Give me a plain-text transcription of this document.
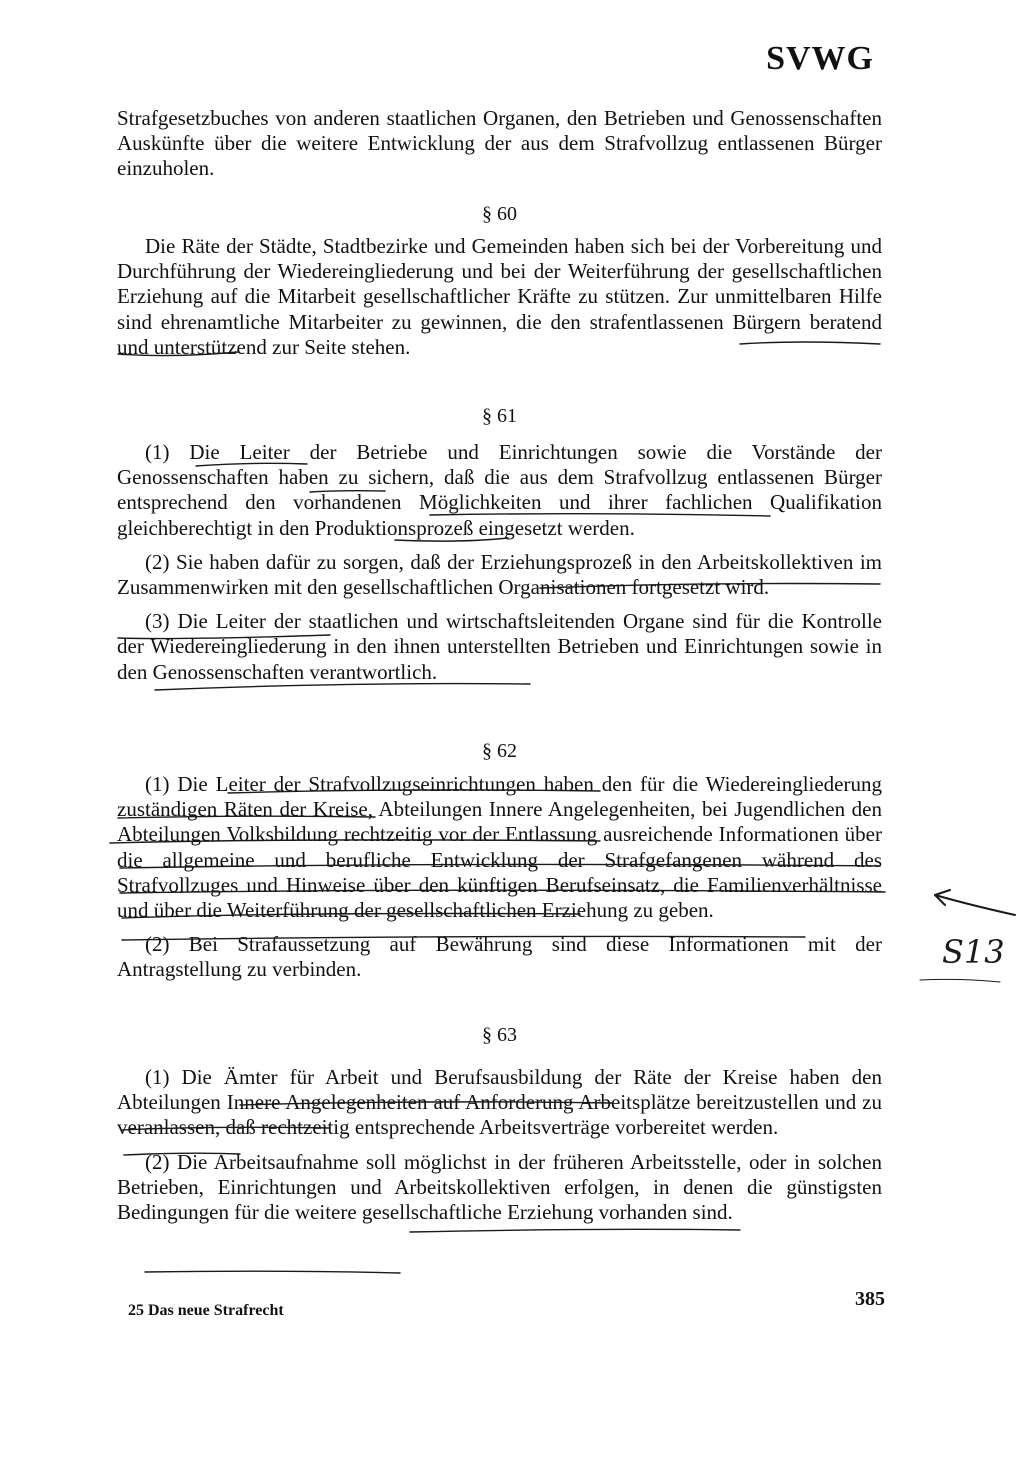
SVWG

Strafgesetzbuches von anderen staatlichen Organen, den Betrieben und Genossenschaften Auskünfte über die weitere Entwicklung der aus dem Strafvollzug entlassenen Bürger einzuholen.

§ 60

Die Räte der Städte, Stadtbezirke und Gemeinden haben sich bei der Vorbereitung und Durchführung der Wiedereingliederung und bei der Weiterführung der gesellschaftlichen Erziehung auf die Mitarbeit gesellschaftlicher Kräfte zu stützen. Zur unmittelbaren Hilfe sind ehrenamtliche Mitarbeiter zu gewinnen, die den strafentlassenen Bürgern beratend und unterstützend zur Seite stehen.

§ 61

(1) Die Leiter der Betriebe und Einrichtungen sowie die Vorstände der Genossenschaften haben zu sichern, daß die aus dem Strafvollzug entlassenen Bürger entsprechend den vorhandenen Möglichkeiten und ihrer fachlichen Qualifikation gleichberechtigt in den Produktionsprozeß eingesetzt werden.

(2) Sie haben dafür zu sorgen, daß der Erziehungsprozeß in den Arbeitskollektiven im Zusammenwirken mit den gesellschaftlichen Organisationen fortgesetzt wird.

(3) Die Leiter der staatlichen und wirtschaftsleitenden Organe sind für die Kontrolle der Wiedereingliederung in den ihnen unterstellten Betrieben und Einrichtungen sowie in den Genossenschaften verantwortlich.

§ 62

(1) Die Leiter der Strafvollzugseinrichtungen haben den für die Wiedereingliederung zuständigen Räten der Kreise, Abteilungen Innere Angelegenheiten, bei Jugendlichen den Abteilungen Volksbildung rechtzeitig vor der Entlassung ausreichende Informationen über die allgemeine und berufliche Entwicklung der Strafgefangenen während des Strafvollzuges und Hinweise über den künftigen Berufseinsatz, die Familienverhältnisse und über die Weiterführung der gesellschaftlichen Erziehung zu geben.

(2) Bei Strafaussetzung auf Bewährung sind diese Informationen mit der Antragstellung zu verbinden.

§ 63

(1) Die Ämter für Arbeit und Berufsausbildung der Räte der Kreise haben den Abteilungen Innere Angelegenheiten auf Anforderung Arbeitsplätze bereitzustellen und zu veranlassen, daß rechtzeitig entsprechende Arbeitsverträge vorbereitet werden.

(2) Die Arbeitsaufnahme soll möglichst in der früheren Arbeitsstelle, oder in solchen Betrieben, Einrichtungen und Arbeitskollektiven erfolgen, in denen die günstigsten Bedingungen für die weitere gesellschaftliche Erziehung vorhanden sind.

S13
385
25 Das neue Strafrecht
